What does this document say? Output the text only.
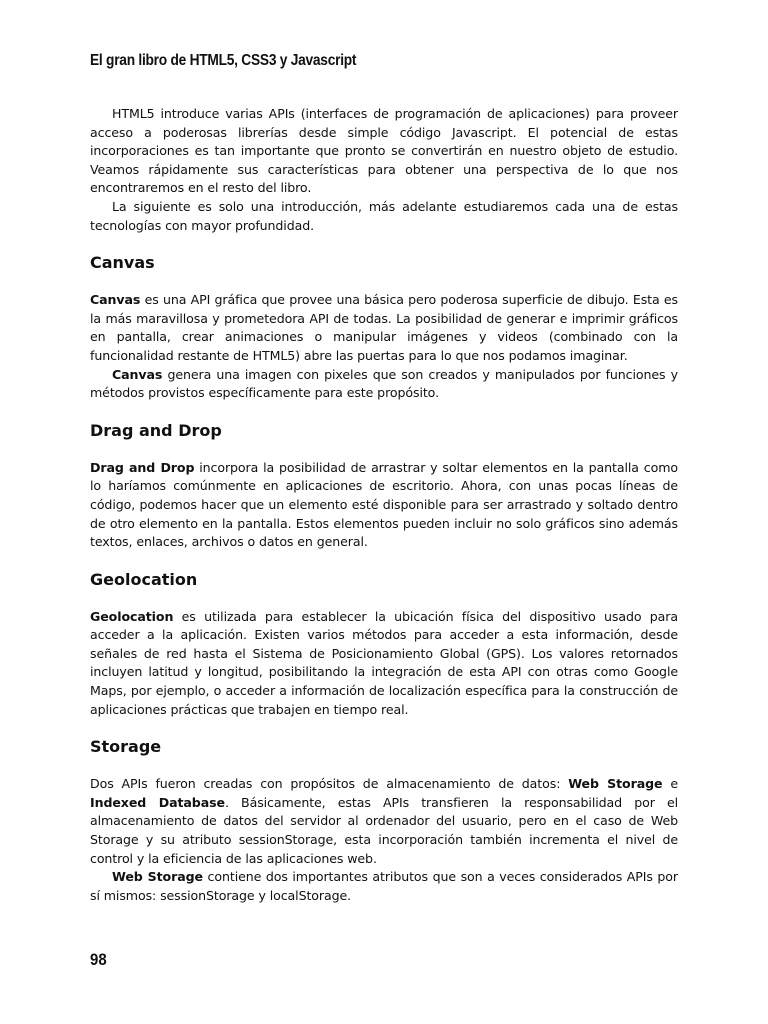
El gran libro de HTML5, CSS3 y Javascript

HTML5 introduce varias APIs (interfaces de programación de aplicaciones) para proveer acceso a poderosas librerías desde simple código Javascript. El potencial de estas incorporaciones es tan importante que pronto se convertirán en nuestro objeto de estudio. Veamos rápidamente sus características para obtener una perspectiva de lo que nos encontraremos en el resto del libro.

La siguiente es solo una introducción, más adelante estudiaremos cada una de estas tecnologías con mayor profundidad.

Canvas

Canvas es una API gráfica que provee una básica pero poderosa superficie de dibujo. Esta es la más maravillosa y prometedora API de todas. La posibilidad de generar e imprimir gráficos en pantalla, crear animaciones o manipular imágenes y videos (combinado con la funcionalidad restante de HTML5) abre las puertas para lo que nos podamos imaginar.

Canvas genera una imagen con pixeles que son creados y manipulados por funciones y métodos provistos específicamente para este propósito.

Drag and Drop

Drag and Drop incorpora la posibilidad de arrastrar y soltar elementos en la pantalla como lo haríamos comúnmente en aplicaciones de escritorio. Ahora, con unas pocas líneas de código, podemos hacer que un elemento esté disponible para ser arrastrado y soltado dentro de otro elemento en la pantalla. Estos elementos pueden incluir no solo gráficos sino además textos, enlaces, archivos o datos en general.

Geolocation

Geolocation es utilizada para establecer la ubicación física del dispositivo usado para acceder a la aplicación. Existen varios métodos para acceder a esta información, desde señales de red hasta el Sistema de Posicionamiento Global (GPS). Los valores retornados incluyen latitud y longitud, posibilitando la integración de esta API con otras como Google Maps, por ejemplo, o acceder a información de localización específica para la construcción de aplicaciones prácticas que trabajen en tiempo real.

Storage

Dos APIs fueron creadas con propósitos de almacenamiento de datos: Web Storage e Indexed Database. Básicamente, estas APIs transfieren la responsabilidad por el almacenamiento de datos del servidor al ordenador del usuario, pero en el caso de Web Storage y su atributo sessionStorage, esta incorporación también incrementa el nivel de control y la eficiencia de las aplicaciones web.

Web Storage contiene dos importantes atributos que son a veces considerados APIs por sí mismos: sessionStorage y localStorage.

98
